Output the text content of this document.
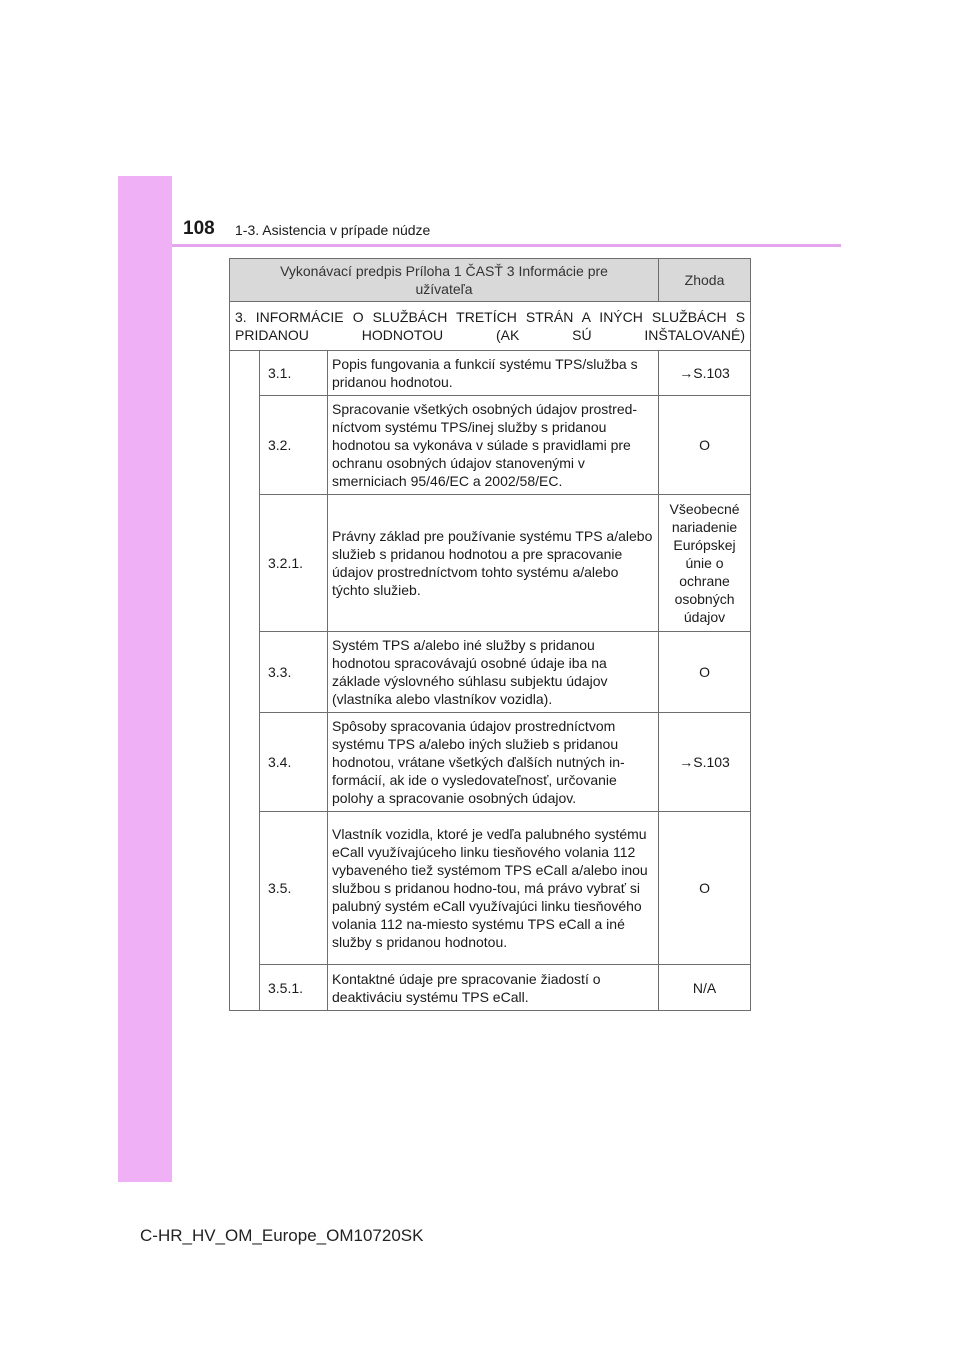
108 1-3. Asistencia v prípade núdze
Vykonávací predpis Príloha 1 ČASŤ 3 Informácie pre užívateľa			Zhoda
3. INFORMÁCIE O SLUŽBÁCH TRETÍCH STRÁN A INÝCH SLUŽBÁCH S PRIDANOU HODNOTOU (AK SÚ INŠTALOVANÉ)			
	3.1.	Popis fungovania a funkcií systému TPS/služba s pridanou hodnotou.	→S.103
	3.2.	Spracovanie všetkých osobných údajov prostred-níctvom systému TPS/inej služby s pridanou hodnotou sa vykonáva v súlade s pravidlami pre ochranu osobných údajov stanovenými v smerniciach 95/46/EC a 2002/58/EC.	O
	3.2.1.	Právny základ pre používanie systému TPS a/alebo služieb s pridanou hodnotou a pre spracovanie údajov prostredníctvom tohto systému a/alebo týchto služieb.	Všeobecné nariadenie Európskej únie o ochrane osobných údajov
	3.3.	Systém TPS a/alebo iné služby s pridanou hodnotou spracovávajú osobné údaje iba na základe výslovného súhlasu subjektu údajov (vlastníka alebo vlastníkov vozidla).	O
	3.4.	Spôsoby spracovania údajov prostredníctvom systému TPS a/alebo iných služieb s pridanou hodnotou, vrátane všetkých ďalších nutných in-formácií, ak ide o vysledovateľnosť, určovanie polohy a spracovanie osobných údajov.	→S.103
	3.5.	Vlastník vozidla, ktoré je vedľa palubného systému eCall využívajúceho linku tiesňového volania 112 vybaveného tiež systémom TPS eCall a/alebo inou službou s pridanou hodno-tou, má právo vybrať si palubný systém eCall využívajúci linku tiesňového volania 112 na-miesto systému TPS eCall a iné služby s pridanou hodnotou.	O
	3.5.1.	Kontaktné údaje pre spracovanie žiadostí o deaktiváciu systému TPS eCall.	N/A
C-HR_HV_OM_Europe_OM10720SK
